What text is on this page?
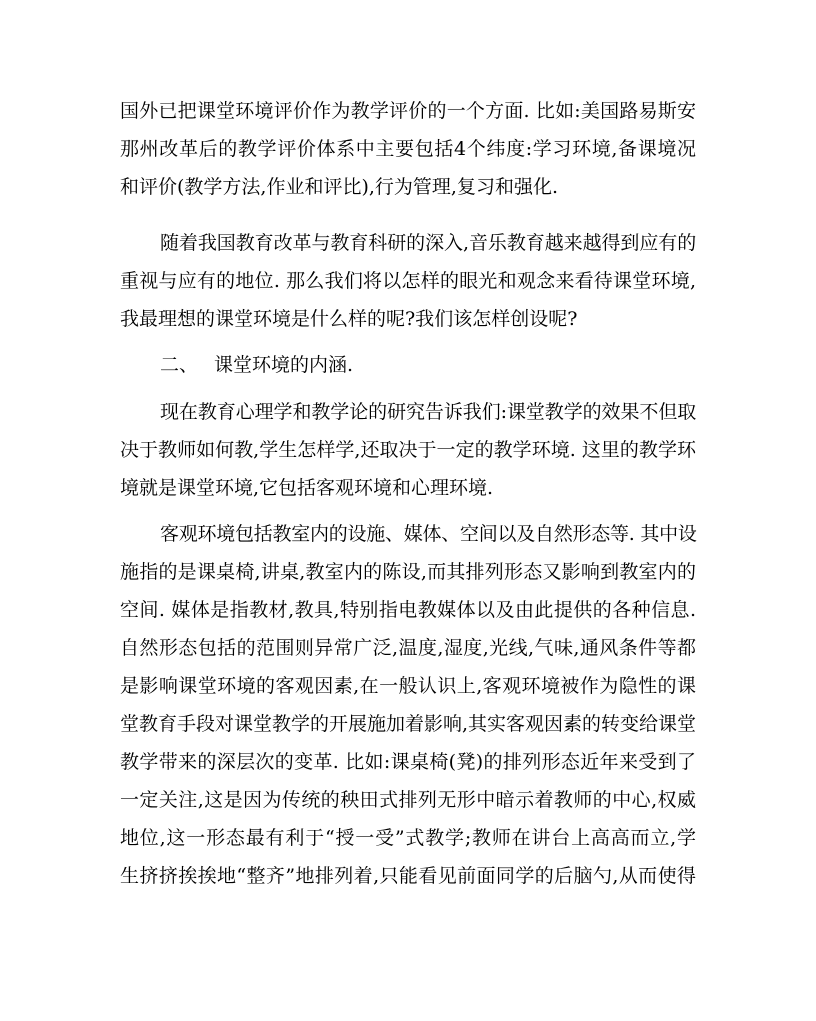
国外已把课堂环境评价作为教学评价的一个方面. 比如:美国路易斯安
那州改革后的教学评价体系中主要包括4个纬度:学习环境,备课境况
和评价(教学方法,作业和评比),行为管理,复习和强化.
随着我国教育改革与教育科研的深入,音乐教育越来越得到应有的
重视与应有的地位. 那么我们将以怎样的眼光和观念来看待课堂环境,
我最理想的课堂环境是什么样的呢?我们该怎样创设呢?
二、 课堂环境的内涵.
现在教育心理学和教学论的研究告诉我们:课堂教学的效果不但取
决于教师如何教,学生怎样学,还取决于一定的教学环境. 这里的教学环
境就是课堂环境,它包括客观环境和心理环境.
客观环境包括教室内的设施、媒体、空间以及自然形态等. 其中设
施指的是课桌椅,讲桌,教室内的陈设,而其排列形态又影响到教室内的
空间. 媒体是指教材,教具,特别指电教媒体以及由此提供的各种信息.
自然形态包括的范围则异常广泛,温度,湿度,光线,气味,通风条件等都
是影响课堂环境的客观因素,在一般认识上,客观环境被作为隐性的课
堂教育手段对课堂教学的开展施加着影响,其实客观因素的转变给课堂
教学带来的深层次的变革. 比如:课桌椅(凳)的排列形态近年来受到了
一定关注,这是因为传统的秧田式排列无形中暗示着教师的中心,权威
地位,这一形态最有利于“授一受”式教学;教师在讲台上高高而立,学
生挤挤挨挨地“整齐”地排列着,只能看见前面同学的后脑勺,从而使得
